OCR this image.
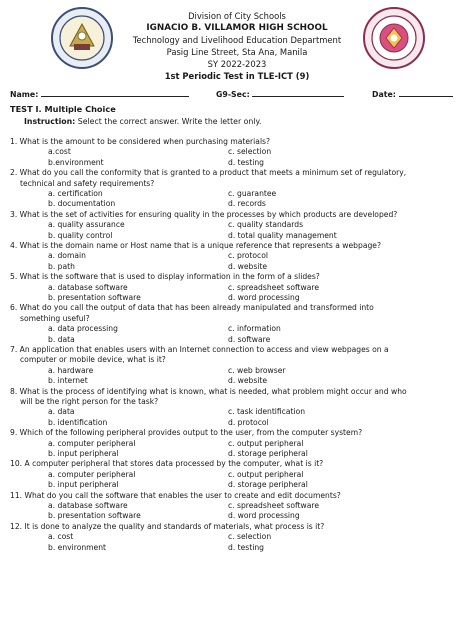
Division of City Schools
IGNACIO B. VILLAMOR HIGH SCHOOL
Technology and Livelihood Education Department
Pasig Line Street, Sta Ana, Manila
SY 2022-2023
1st Periodic Test in TLE-ICT (9)
Name:	G9-Sec:	Date:
TEST I. Multiple Choice
Instruction: Select the correct answer. Write the letter only.
1. What is the amount to be considered when purchasing materials?
a.cost	c. selection
b.environment	d. testing
2. What do you call the conformity that is granted to a product that meets a minimum set of regulatory,
technical and safety requirements?
a. certification	c. guarantee
b. documentation	d. records
3. What is the set of activities for ensuring quality in the processes by which products are developed?
a. quality assurance	c. quality standards
b. quality control	d. total quality management
4. What is the domain name or Host name that is a unique reference that represents a webpage?
a. domain	c. protocol
b. path	d. website
5. What is the software that is used to display information in the form of a slides?
a. database software	c. spreadsheet software
b. presentation software	d. word processing
6. What do you call the output of data that has been already manipulated and transformed into
something useful?
a. data processing	c. information
b. data	d. software
7. An application that enables users with an Internet connection to access and view webpages on a
computer or mobile device, what is it?
a. hardware	c. web browser
b. internet	d. website
8. What is the process of identifying what is known, what is needed, what problem might occur and who
will be the right person for the task?
a. data	c. task identification
b. identification	d. protocol
9. Which of the following peripheral provides output to the user, from the computer system?
a. computer peripheral	c. output peripheral
b. input peripheral	d. storage peripheral
10. A computer peripheral that stores data processed by the computer, what is it?
a. computer peripheral	c. output peripheral
b. input peripheral	d. storage peripheral
11. What do you call the software that enables the user to create and edit documents?
a. database software	c. spreadsheet software
b. presentation software	d. word processing
12. It is done to analyze the quality and standards of materials, what process is it?
a. cost	c. selection
b. environment	d. testing
